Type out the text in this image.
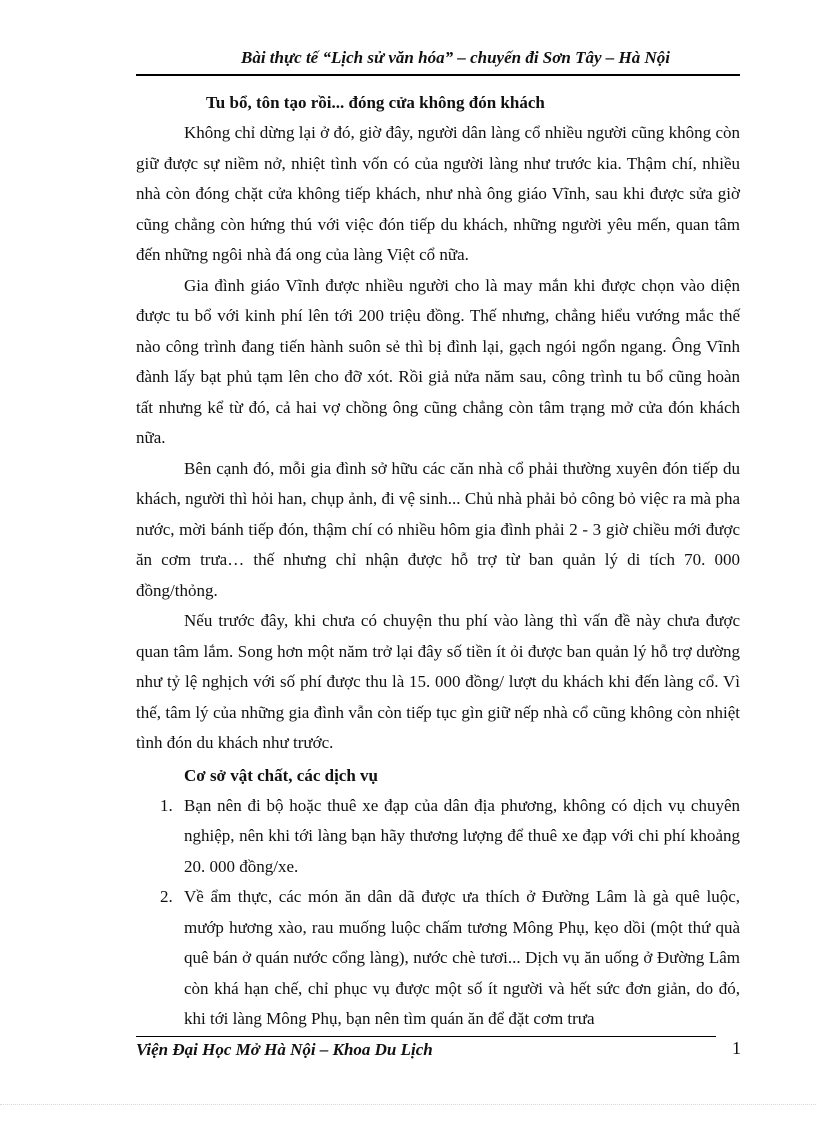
Bài thực tế “Lịch sử văn hóa” – chuyến đi Sơn Tây – Hà Nội
Tu bổ, tôn tạo rồi... đóng cửa không đón khách

Không chỉ dừng lại ở đó, giờ đây, người dân làng cổ nhiều người cũng không còn giữ được sự niềm nở, nhiệt tình vốn có của người làng như trước kia. Thậm chí, nhiều nhà còn đóng chặt cửa không tiếp khách, như nhà ông giáo Vĩnh, sau khi được sửa giờ cũng chẳng còn hứng thú với việc đón tiếp du khách, những người yêu mến, quan tâm đến những ngôi nhà đá ong của làng Việt cổ nữa.

Gia đình giáo Vĩnh được nhiều người cho là may mắn khi được chọn vào diện được tu bổ với kinh phí lên tới 200 triệu đồng. Thế nhưng, chẳng hiểu vướng mắc thế nào công trình đang tiến hành suôn sẻ thì bị đình lại, gạch ngói ngổn ngang. Ông Vĩnh đành lấy bạt phủ tạm lên cho đỡ xót. Rồi giả nửa năm sau, công trình tu bổ cũng hoàn tất nhưng kể từ đó, cả hai vợ chồng ông cũng chẳng còn tâm trạng mở cửa đón khách nữa.

Bên cạnh đó, mỗi gia đình sở hữu các căn nhà cổ phải thường xuyên đón tiếp du khách, người thì hỏi han, chụp ảnh, đi vệ sinh... Chủ nhà phải bỏ công bỏ việc ra mà pha nước, mời bánh tiếp đón, thậm chí có nhiều hôm gia đình phải 2 - 3 giờ chiều mới được ăn cơm trưa… thế nhưng chỉ nhận được hỗ trợ từ ban quản lý di tích 70. 000 đồng/thỏng.

Nếu trước đây, khi chưa có chuyện thu phí vào làng thì vấn đề này chưa được quan tâm lắm. Song hơn một năm trở lại đây số tiền ít ỏi được ban quản lý hỗ trợ dường như tỷ lệ nghịch với số phí được thu là 15. 000 đồng/ lượt du khách khi đến làng cổ. Vì thế, tâm lý của những gia đình vẫn còn tiếp tục gìn giữ nếp nhà cổ cũng không còn nhiệt tình đón du khách như trước.

Cơ sở vật chất, các dịch vụ
1. Bạn nên đi bộ hoặc thuê xe đạp của dân địa phương, không có dịch vụ chuyên nghiệp, nên khi tới làng bạn hãy thương lượng để thuê xe đạp với chi phí khoảng 20. 000 đồng/xe.
2. Về ẩm thực, các món ăn dân dã được ưa thích ở Đường Lâm là gà quê luộc, mướp hương xào, rau muống luộc chấm tương Mông Phụ, kẹo dồi (một thứ quà quê bán ở quán nước cổng làng), nước chè tươi... Dịch vụ ăn uống ở Đường Lâm còn khá hạn chế, chỉ phục vụ được một số ít người và hết sức đơn giản, do đó, khi tới làng Mông Phụ, bạn nên tìm quán ăn để đặt cơm trưa
Viện Đại Học Mở Hà Nội – Khoa Du Lịch	1
